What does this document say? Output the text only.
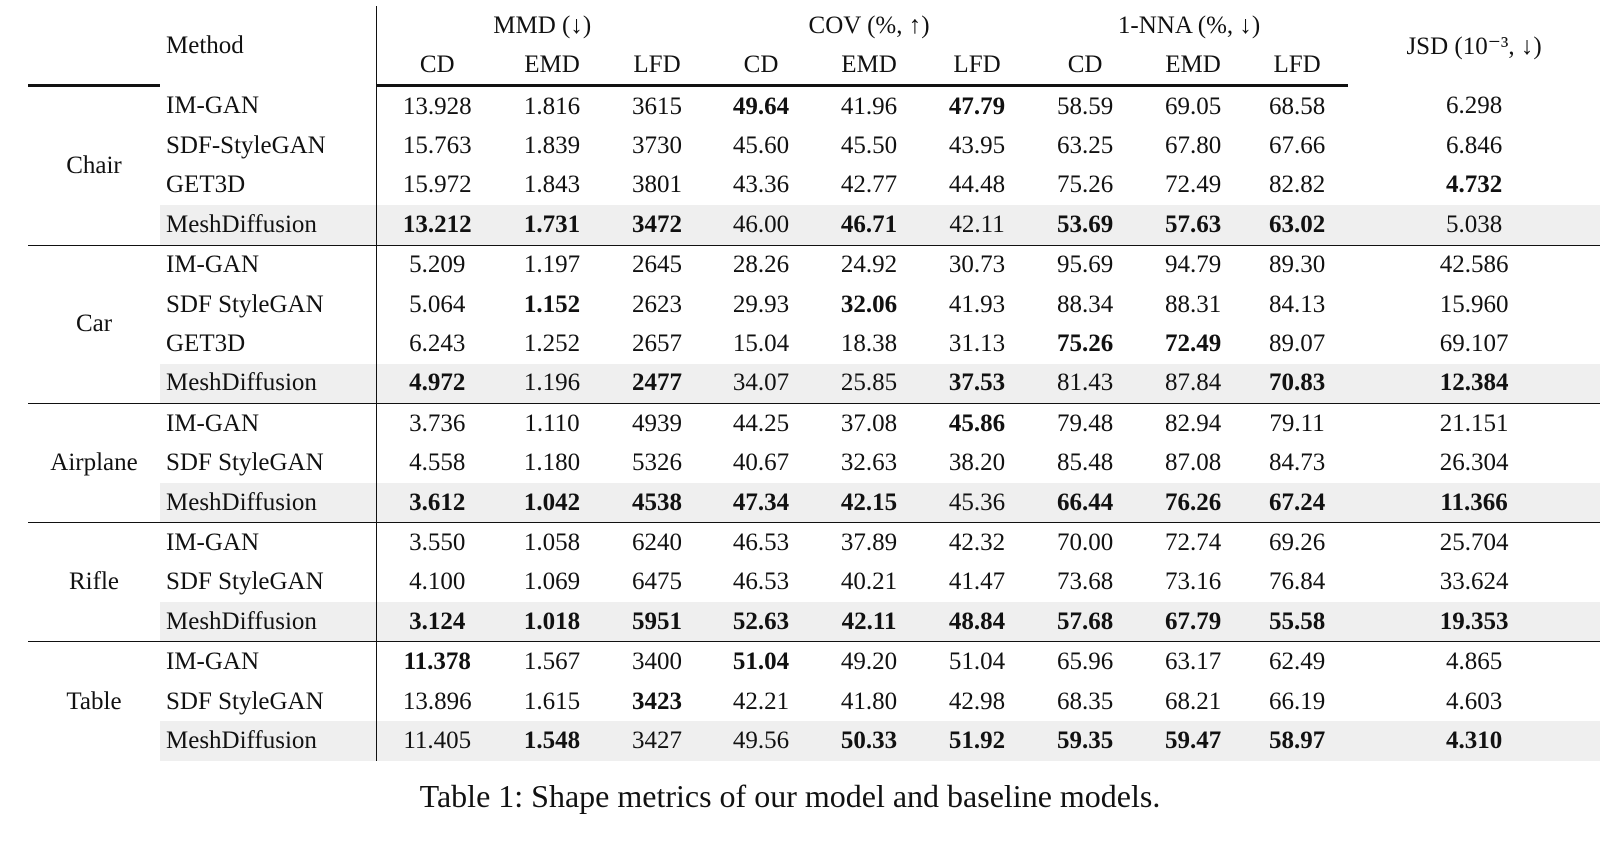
	Method	MMD (↓)			COV (%, ↑)			1-NNA (%, ↓)			JSD (10⁻³, ↓)
		CD	EMD	LFD	CD	EMD	LFD	CD	EMD	LFD	
Chair	IM-GAN	13.928	1.816	3615	49.64	41.96	47.79	58.59	69.05	68.58	6.298
	SDF-StyleGAN	15.763	1.839	3730	45.60	45.50	43.95	63.25	67.80	67.66	6.846
	GET3D	15.972	1.843	3801	43.36	42.77	44.48	75.26	72.49	82.82	4.732
	MeshDiffusion	13.212	1.731	3472	46.00	46.71	42.11	53.69	57.63	63.02	5.038
Car	IM-GAN	5.209	1.197	2645	28.26	24.92	30.73	95.69	94.79	89.30	42.586
	SDF StyleGAN	5.064	1.152	2623	29.93	32.06	41.93	88.34	88.31	84.13	15.960
	GET3D	6.243	1.252	2657	15.04	18.38	31.13	75.26	72.49	89.07	69.107
	MeshDiffusion	4.972	1.196	2477	34.07	25.85	37.53	81.43	87.84	70.83	12.384
Airplane	IM-GAN	3.736	1.110	4939	44.25	37.08	45.86	79.48	82.94	79.11	21.151
	SDF StyleGAN	4.558	1.180	5326	40.67	32.63	38.20	85.48	87.08	84.73	26.304
	MeshDiffusion	3.612	1.042	4538	47.34	42.15	45.36	66.44	76.26	67.24	11.366
Rifle	IM-GAN	3.550	1.058	6240	46.53	37.89	42.32	70.00	72.74	69.26	25.704
	SDF StyleGAN	4.100	1.069	6475	46.53	40.21	41.47	73.68	73.16	76.84	33.624
	MeshDiffusion	3.124	1.018	5951	52.63	42.11	48.84	57.68	67.79	55.58	19.353
Table	IM-GAN	11.378	1.567	3400	51.04	49.20	51.04	65.96	63.17	62.49	4.865
	SDF StyleGAN	13.896	1.615	3423	42.21	41.80	42.98	68.35	68.21	66.19	4.603
	MeshDiffusion	11.405	1.548	3427	49.56	50.33	51.92	59.35	59.47	58.97	4.310
Table 1: Shape metrics of our model and baseline models.
